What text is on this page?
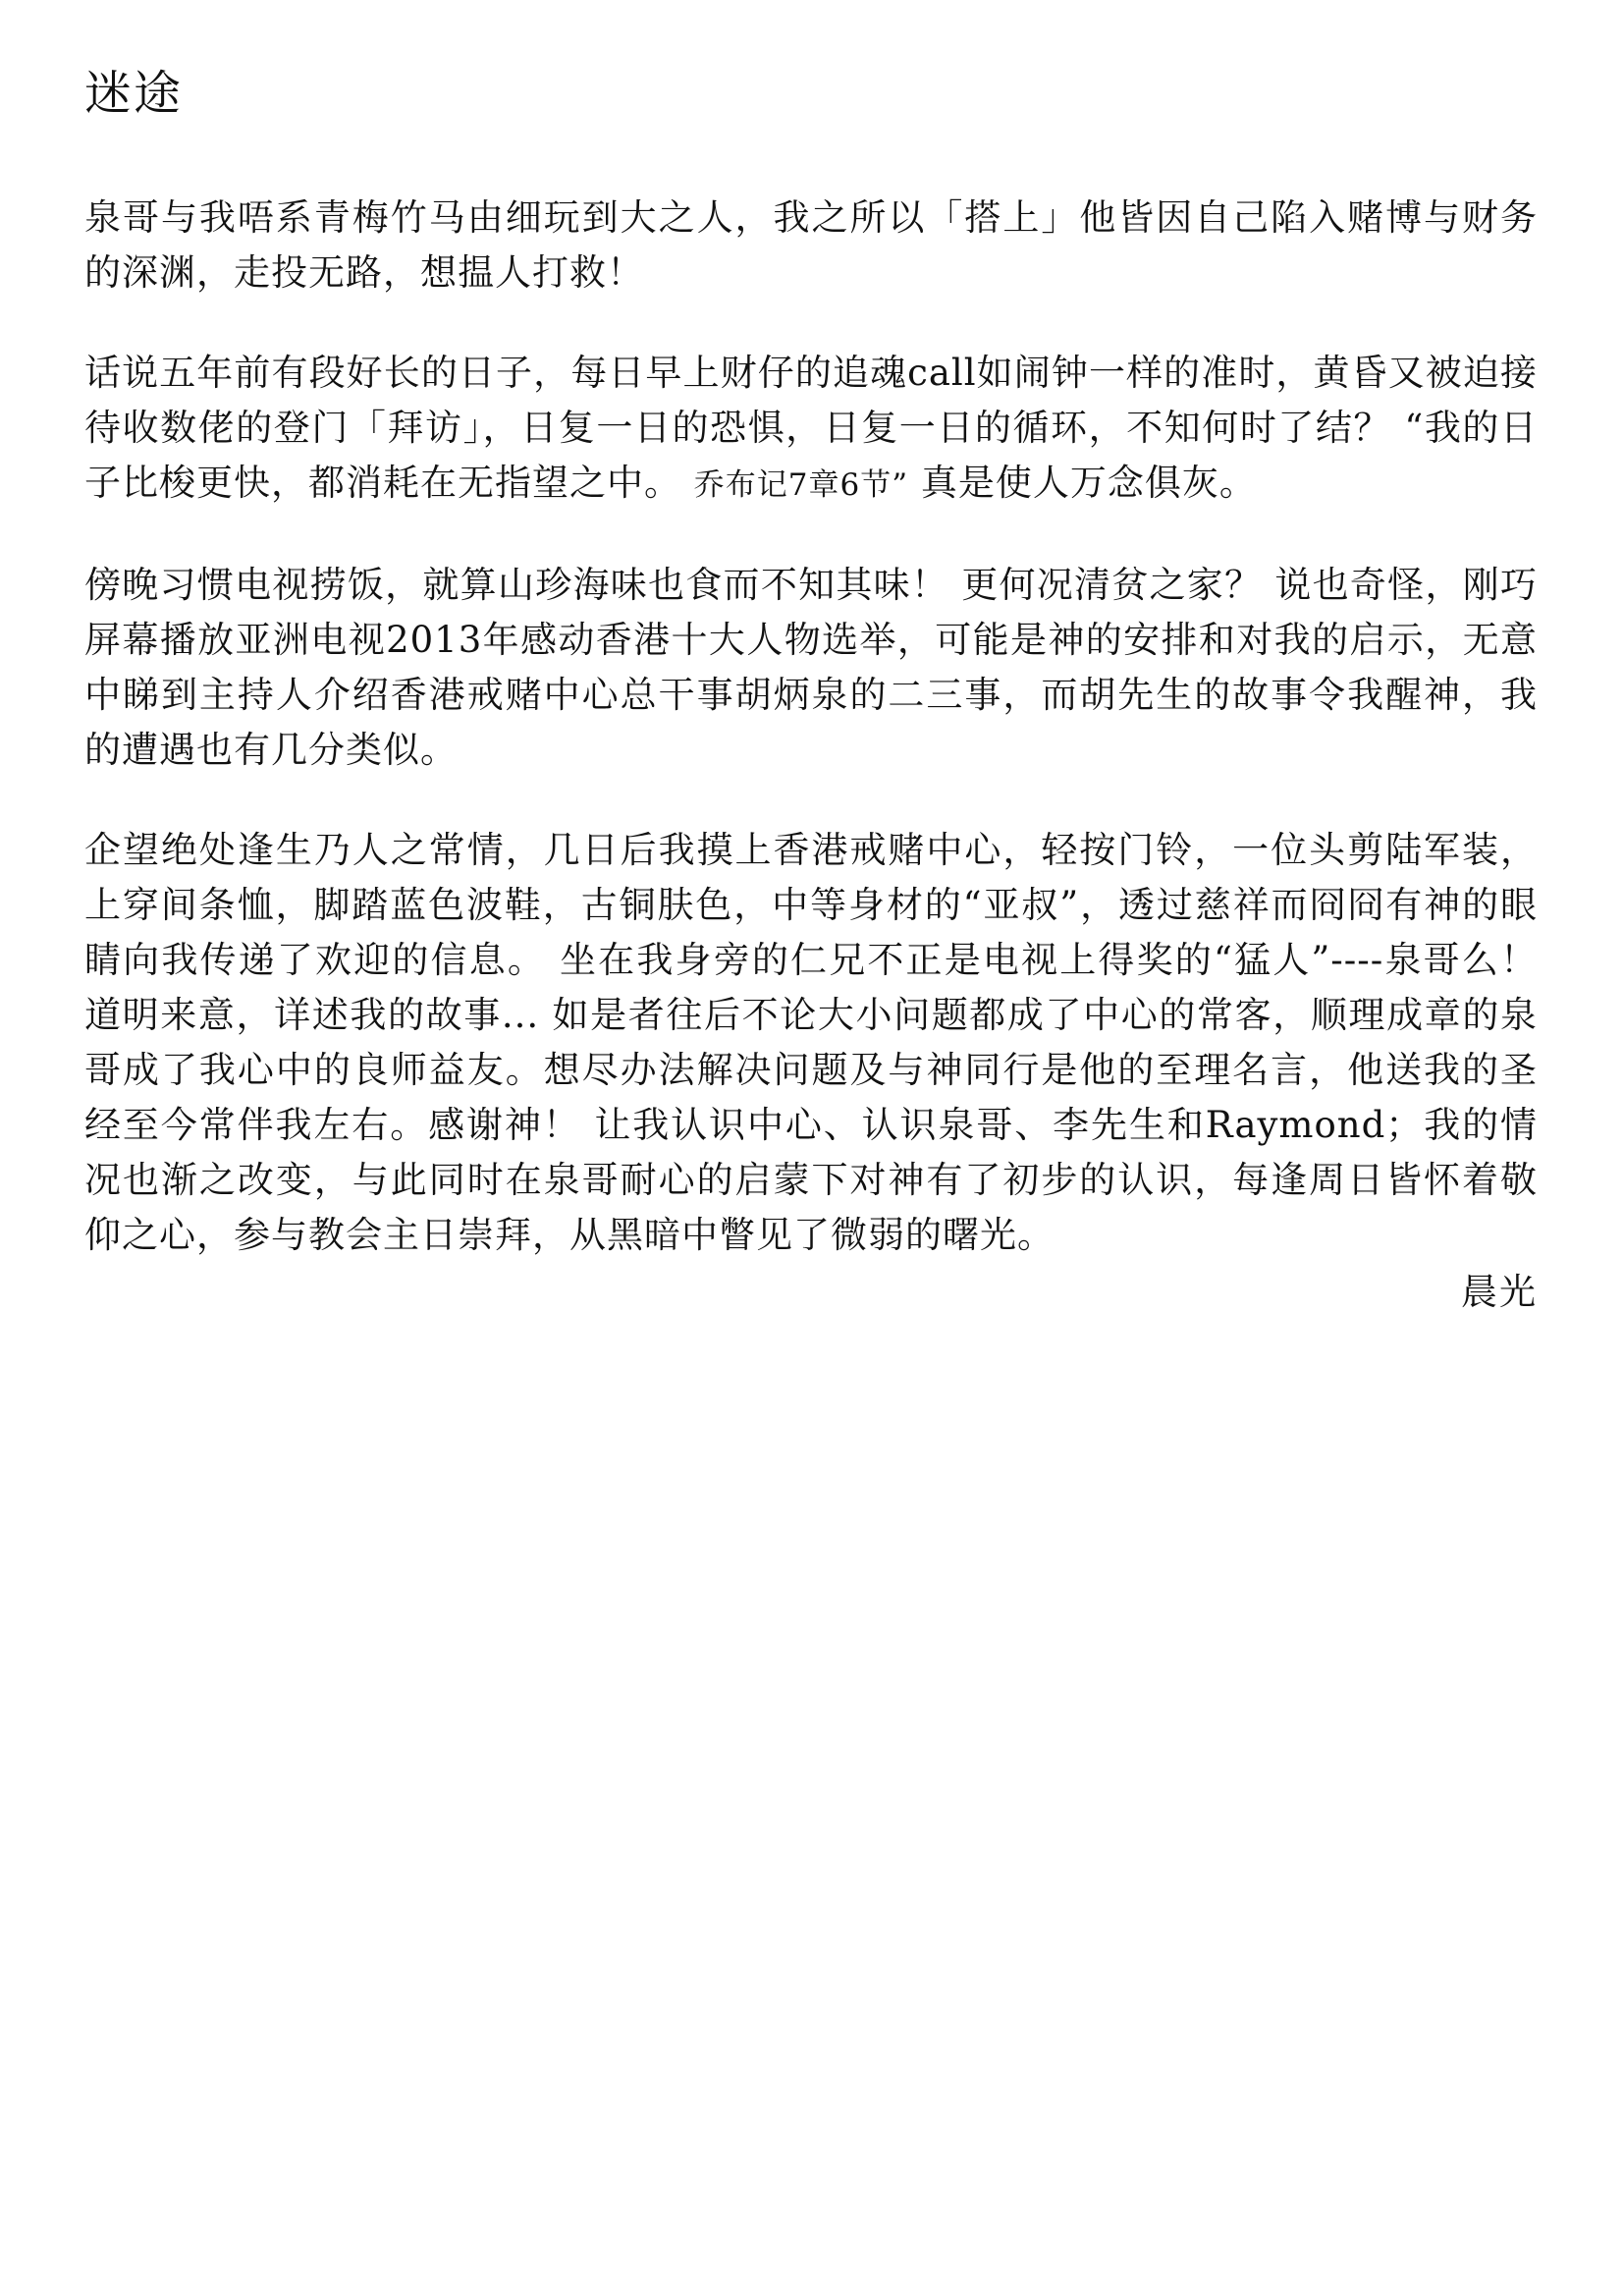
迷途

泉哥与我唔系青梅竹马由细玩到大之人，我之所以「搭上」他皆因自己陷入赌博与财务的深渊，走投无路，想揾人打救！

话说五年前有段好长的日子，每日早上财仔的追魂call如闹钟一样的准时，黄昏又被迫接待收数佬的登门「拜访」，日复一日的恐惧，日复一日的循环，不知何时了结？ “我的日子比梭更快，都消耗在无指望之中。 乔布记7章6节” 真是使人万念俱灰。

傍晚习惯电视捞饭，就算山珍海味也食而不知其味！ 更何况清贫之家？ 说也奇怪，刚巧屏幕播放亚洲电视2013年感动香港十大人物选举，可能是神的安排和对我的启示，无意中睇到主持人介绍香港戒赌中心总干事胡炳泉的二三事，而胡先生的故事令我醒神，我的遭遇也有几分类似。

企望绝处逢生乃人之常情，几日后我摸上香港戒赌中心，轻按门铃，一位头剪陆军装，上穿间条恤，脚踏蓝色波鞋，古铜肤色，中等身材的“亚叔”，透过慈祥而冏冏有神的眼睛向我传递了欢迎的信息。 坐在我身旁的仁兄不正是电视上得奖的“猛人”----泉哥么！ 道明来意，详述我的故事... 如是者往后不论大小问题都成了中心的常客，顺理成章的泉哥成了我心中的良师益友。想尽办法解决问题及与神同行是他的至理名言，他送我的圣经至今常伴我左右。感谢神！ 让我认识中心、认识泉哥、李先生和Raymond；我的情况也渐之改变，与此同时在泉哥耐心的启蒙下对神有了初步的认识，每逢周日皆怀着敬仰之心，参与教会主日崇拜，从黑暗中瞥见了微弱的曙光。

晨光
